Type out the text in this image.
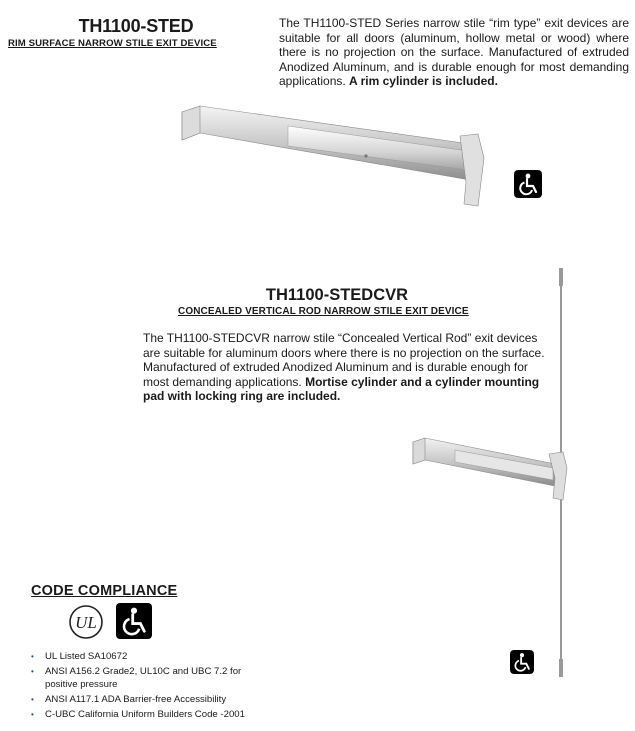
TH1100-STED
RIM SURFACE NARROW STILE EXIT DEVICE
The TH1100-STED Series narrow stile “rim type” exit devices are suitable for all doors (aluminum, hollow metal or wood) where there is no projection on the surface. Manufactured of extruded Anodized Aluminum, and is durable enough for most demanding applications. A rim cylinder is included.
TH1100-STEDCVR
CONCEALED VERTICAL ROD NARROW STILE EXIT DEVICE
The TH1100-STEDCVR narrow stile “Concealed Vertical Rod” exit devices are suitable for aluminum doors where there is no projection on the surface. Manufactured of extruded Anodized Aluminum and is durable enough for most demanding applications. Mortise cylinder and a cylinder mounting pad with locking ring are included.
CODE COMPLIANCE
UL
• UL Listed SA10672
• ANSI A156.2 Grade2, UL10C and UBC 7.2 for positive pressure
• ANSI A117.1 ADA Barrier-free Accessibility
• C-UBC California Uniform Builders Code -2001
